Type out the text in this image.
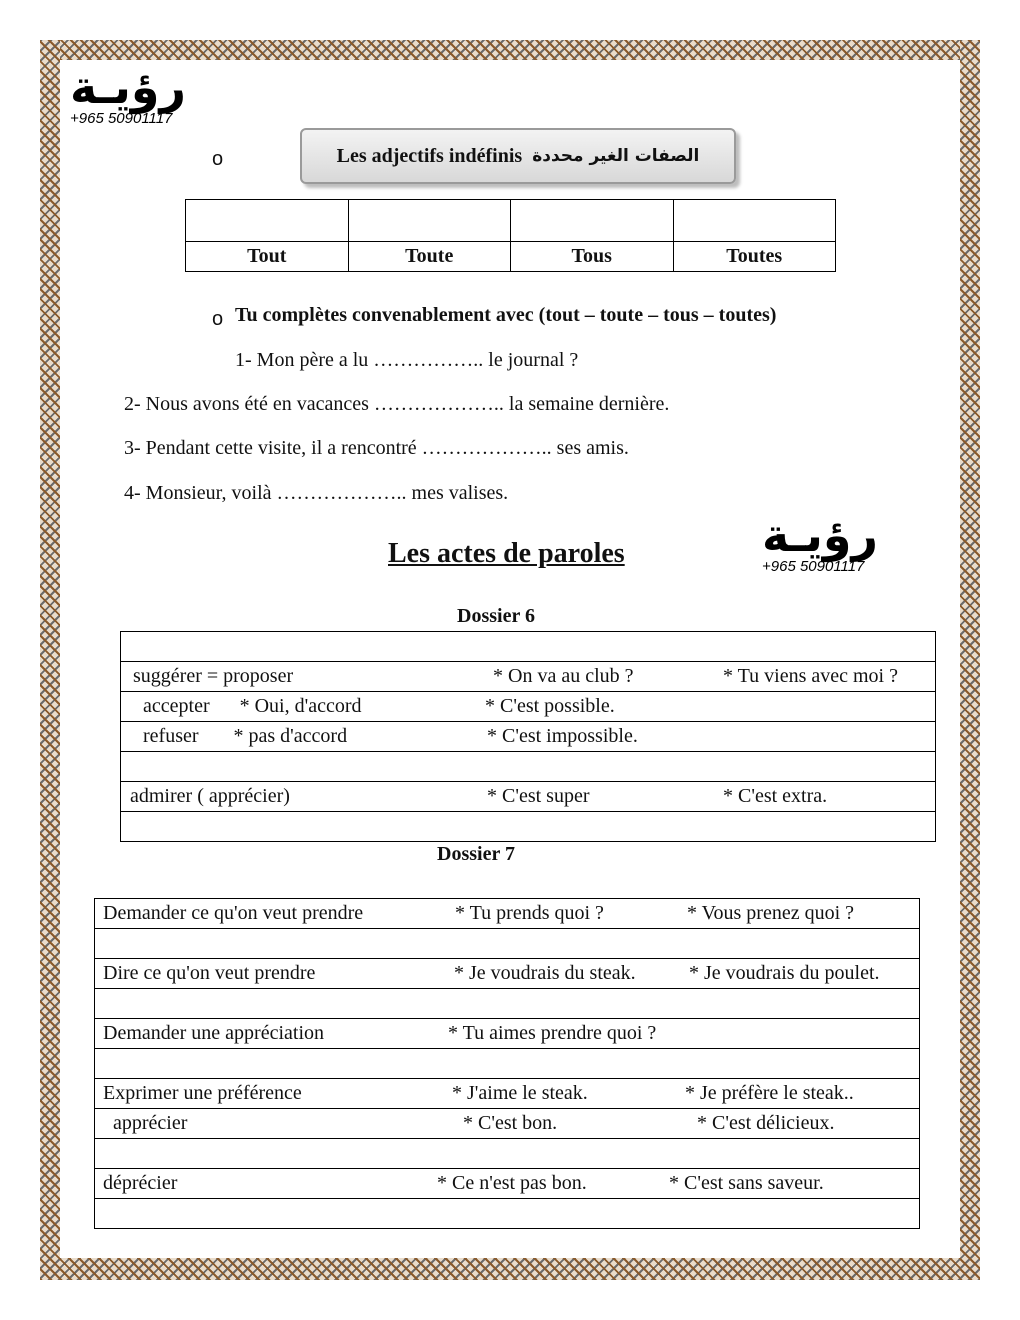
رؤيـة
+965 50901117
o	Les adjectifs indéfinis الصفات الغير محددة

Tout	Toute	Tous	Toutes
o Tu complètes convenablement avec (tout – toute – tous – toutes)
1- Mon père a lu …………….. le journal ?
2- Nous avons été en vacances ……………….. la semaine dernière.
3- Pendant cette visite, il a rencontré ……………….. ses amis.
4- Monsieur, voilà ……………….. mes valises.
Les actes de paroles	رؤيـة
+965 50901117
Dossier 6
suggérer = proposer	* On va au club ?	* Tu viens avec moi ?
accepter      * Oui, d'accord	* C'est possible.
refuser       * pas d'accord	* C'est impossible.
admirer ( apprécier)	* C'est super	* C'est extra.
Dossier 7
Demander ce qu'on veut prendre	* Tu prends quoi ?	* Vous prenez quoi ?
Dire ce qu'on veut prendre	* Je voudrais du steak.	* Je voudrais du poulet.
Demander une appréciation	* Tu aimes prendre quoi ?
Exprimer une préférence	* J'aime le steak.	* Je préfère le steak..
apprécier	* C'est bon.	* C'est délicieux.
déprécier	* Ce n'est pas bon.	* C'est sans saveur.
